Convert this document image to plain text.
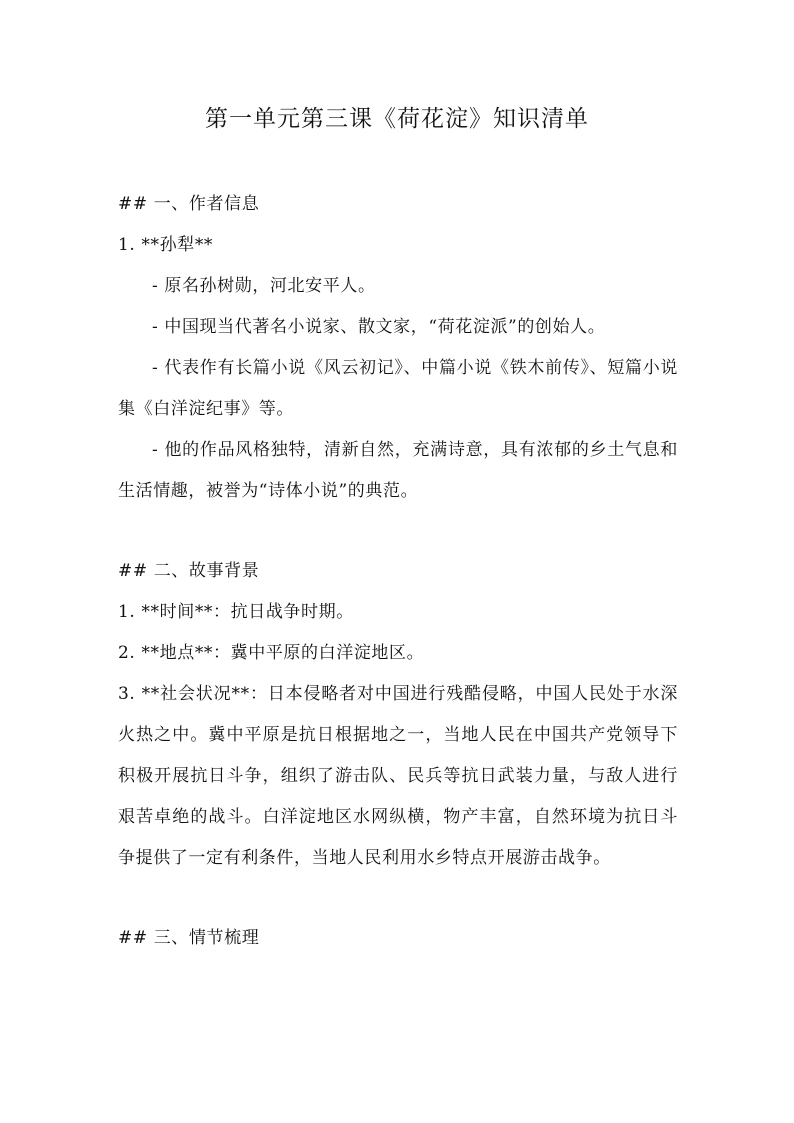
第一单元第三课《荷花淀》知识清单

## 一、作者信息

1. **孙犁**

- 原名孙树勋，河北安平人。

- 中国现当代著名小说家、散文家，“荷花淀派”的创始人。

- 代表作有长篇小说《风云初记》、中篇小说《铁木前传》、短篇小说集《白洋淀纪事》等。

- 他的作品风格独特，清新自然，充满诗意，具有浓郁的乡土气息和生活情趣，被誉为“诗体小说”的典范。

## 二、故事背景

1. **时间**：抗日战争时期。

2. **地点**：冀中平原的白洋淀地区。

3. **社会状况**：日本侵略者对中国进行残酷侵略，中国人民处于水深火热之中。冀中平原是抗日根据地之一，当地人民在中国共产党领导下积极开展抗日斗争，组织了游击队、民兵等抗日武装力量，与敌人进行艰苦卓绝的战斗。白洋淀地区水网纵横，物产丰富，自然环境为抗日斗争提供了一定有利条件，当地人民利用水乡特点开展游击战争。

## 三、情节梳理
